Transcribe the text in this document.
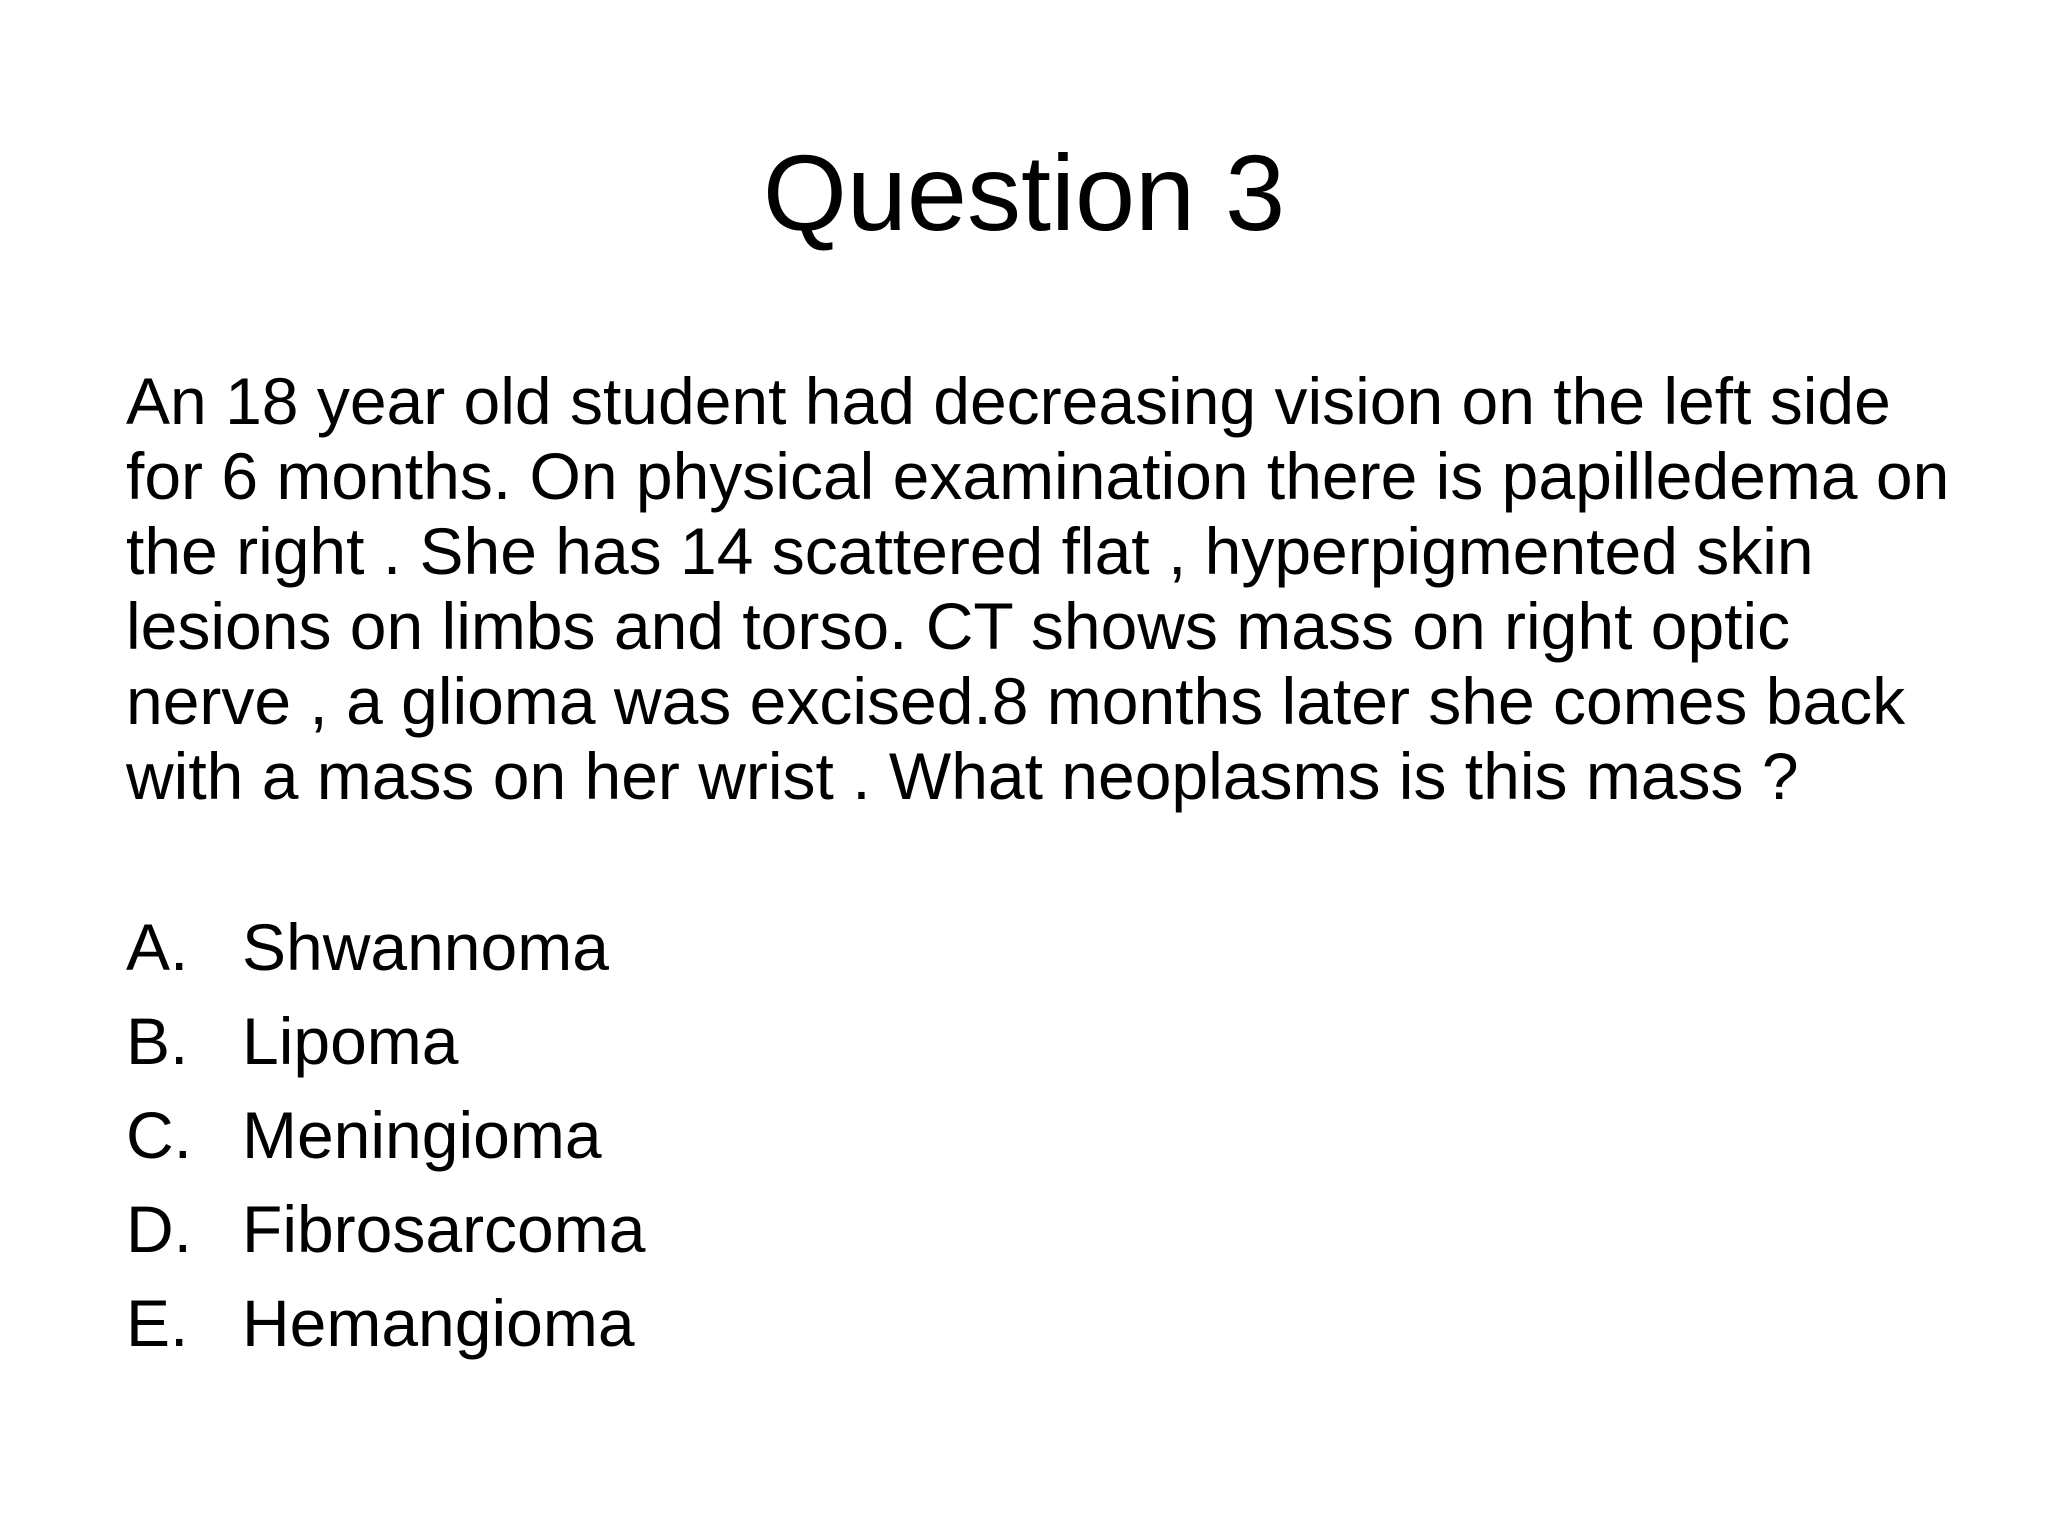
Question 3

An 18 year old student had decreasing vision on the left side for 6 months. On physical examination there is papilledema on the right . She has 14 scattered flat , hyperpigmented skin lesions on limbs and torso. CT shows mass on right optic nerve , a glioma was excised.8 months later she comes back with a mass on her wrist . What neoplasms is this mass ?

A. Shwannoma
B. Lipoma
C. Meningioma
D. Fibrosarcoma
E. Hemangioma
